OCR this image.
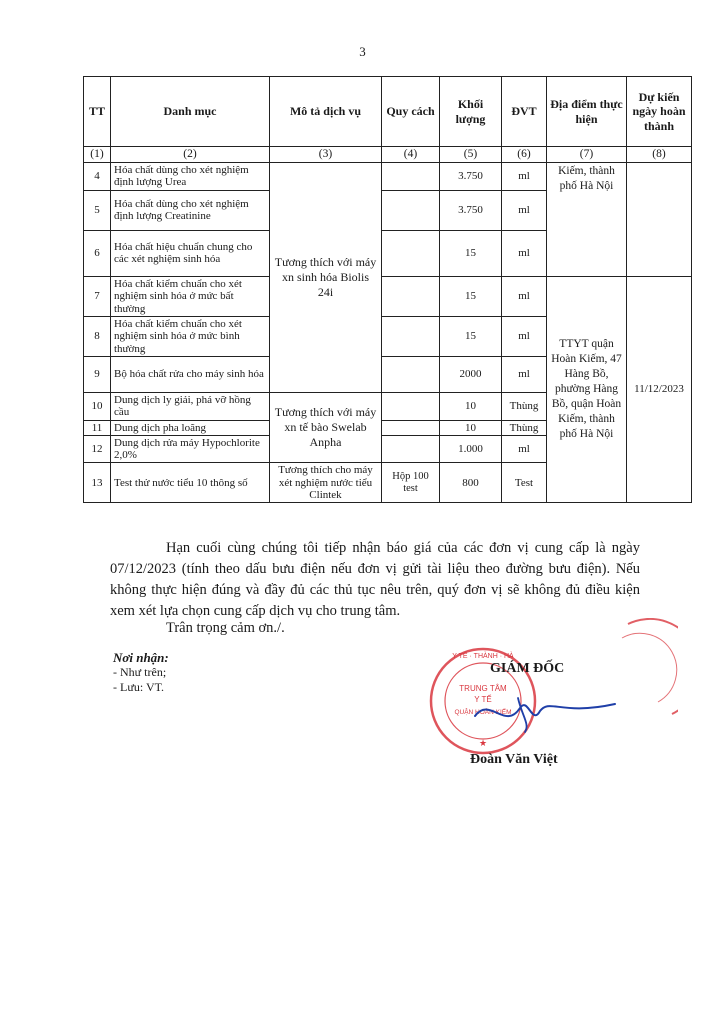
3
TT	Danh mục	Mô tả dịch vụ	Quy cách	Khối lượng	ĐVT	Địa điểm thực hiện	Dự kiến ngày hoàn thành
(1)	(2)	(3)	(4)	(5)	(6)	(7)	(8)
4	Hóa chất dùng cho xét nghiệm định lượng Urea	Tương thích với máy xn sinh hóa Biolis 24i		3.750	ml	Kiếm, thành phố Hà Nội	
5	Hóa chất dùng cho xét nghiệm định lượng Creatinine			3.750	ml		
6	Hóa chất hiệu chuẩn chung cho các xét nghiệm sinh hóa			15	ml		
7	Hóa chất kiểm chuẩn cho xét nghiệm sinh hóa ở mức bất thường			15	ml	TTYT quận Hoàn Kiếm, 47 Hàng Bồ, phường Hàng Bồ, quận Hoàn Kiếm, thành phố Hà Nội	11/12/2023
8	Hóa chất kiểm chuẩn cho xét nghiệm sinh hóa ở mức bình thường			15	ml		
9	Bộ hóa chất rửa cho máy sinh hóa			2000	ml		
10	Dung dịch ly giải, phá vỡ hồng cầu	Tương thích với máy xn tế bào Swelab Anpha		10	Thùng		
11	Dung dịch pha loãng			10	Thùng		
12	Dung dịch rửa máy Hypochlorite 2,0%			1.000	ml		
13	Test thử nước tiểu 10 thông số	Tương thích cho máy xét nghiệm nước tiểu Clintek	Hộp 100 test	800	Test		

Hạn cuối cùng chúng tôi tiếp nhận báo giá của các đơn vị cung cấp là ngày 07/12/2023 (tính theo dấu bưu điện nếu đơn vị gửi tài liệu theo đường bưu điện). Nếu không thực hiện đúng và đầy đủ các thủ tục nêu trên, quý đơn vị sẽ không đủ điều kiện xem xét lựa chọn cung cấp dịch vụ cho trung tâm.

Trân trọng cảm ơn./.
Nơi nhận:
- Như trên;
- Lưu: VT.
Y TẾ · THÀNH · HÀ
TRUNG TÂM
Y TẾ
QUẬN HOÀN KIẾM
★
GIÁM ĐỐC
Đoàn Văn Việt
